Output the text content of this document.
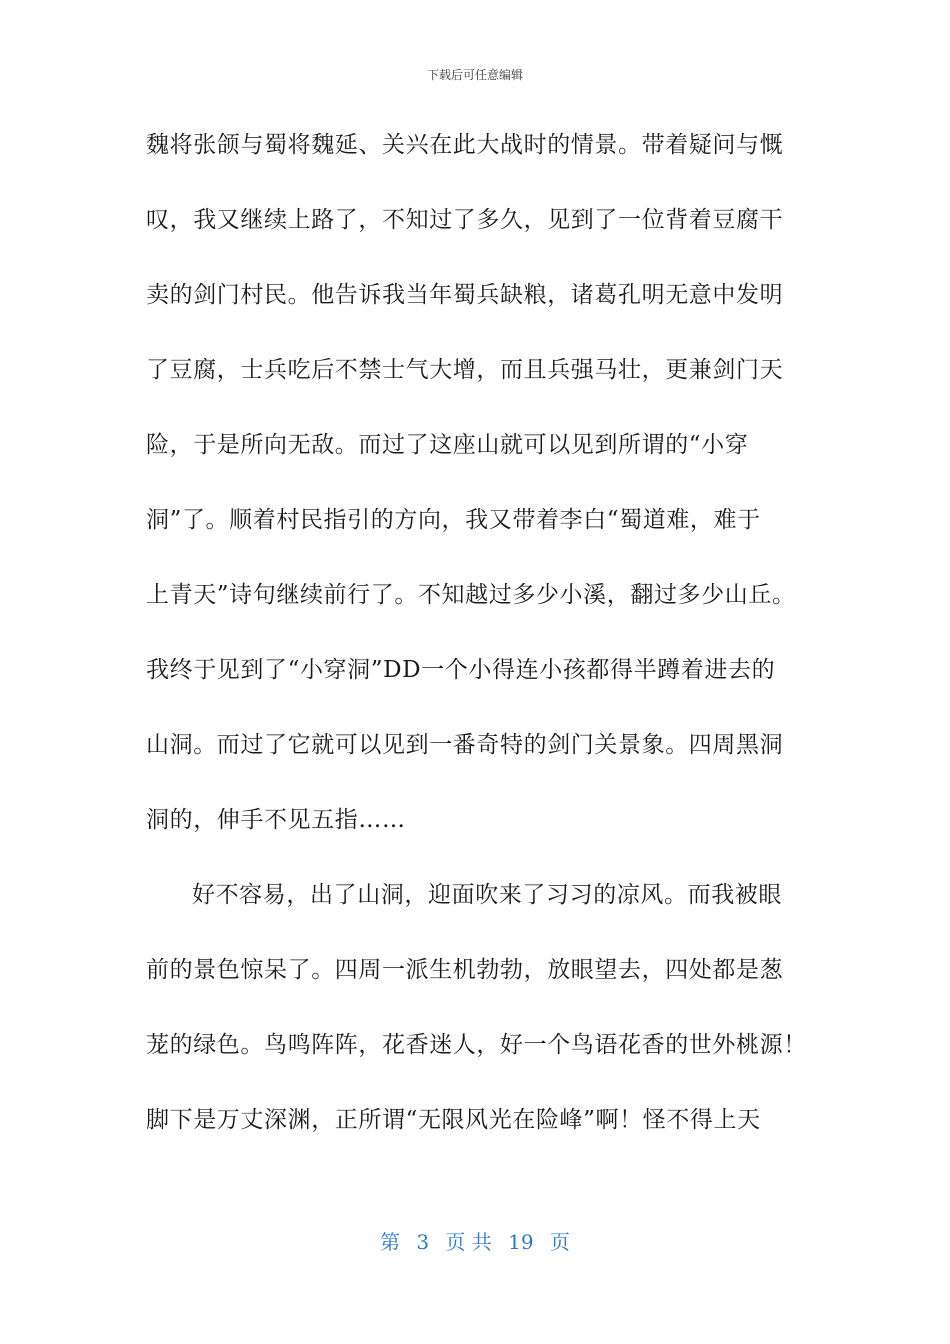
下载后可任意编辑
魏将张颌与蜀将魏延、关兴在此大战时的情景。带着疑问与慨
叹，我又继续上路了，不知过了多久，见到了一位背着豆腐干
卖的剑门村民。他告诉我当年蜀兵缺粮，诸葛孔明无意中发明
了豆腐，士兵吃后不禁士气大增，而且兵强马壮，更兼剑门天
险，于是所向无敌。而过了这座山就可以见到所谓的“小穿
洞”了。顺着村民指引的方向，我又带着李白“蜀道难，难于
上青天”诗句继续前行了。不知越过多少小溪，翻过多少山丘。
我终于见到了“小穿洞”DD一个小得连小孩都得半蹲着进去的
山洞。而过了它就可以见到一番奇特的剑门关景象。四周黑洞
洞的，伸手不见五指……
好不容易，出了山洞，迎面吹来了习习的凉风。而我被眼
前的景色惊呆了。四周一派生机勃勃，放眼望去，四处都是葱
茏的绿色。鸟鸣阵阵，花香迷人，好一个鸟语花香的世外桃源！
脚下是万丈深渊，正所谓“无限风光在险峰”啊！怪不得上天
第 3 页 共 19 页
